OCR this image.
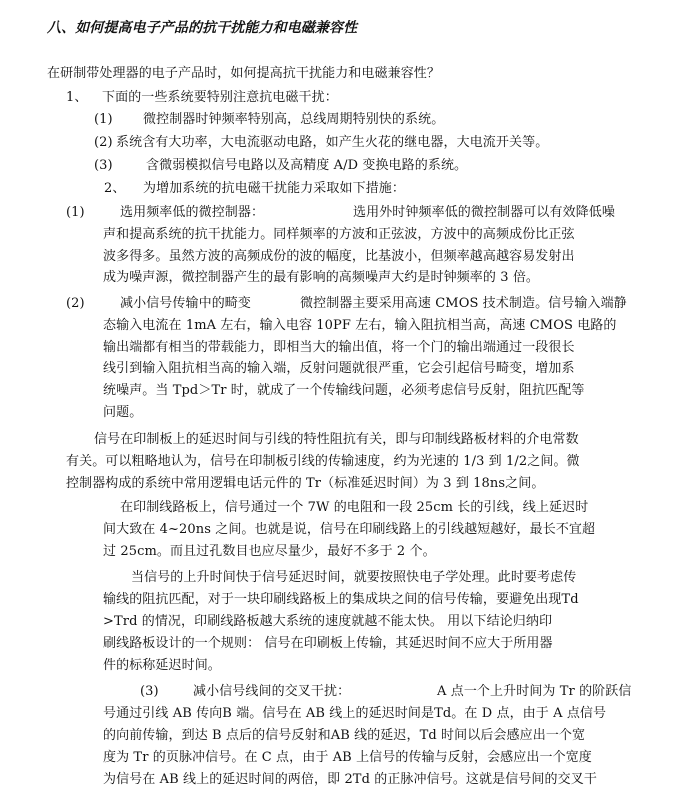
八、如何提高电子产品的抗干扰能力和电磁兼容性
在研制带处理器的电子产品时，如何提高抗干扰能力和电磁兼容性？
1、 下面的一些系统要特别注意抗电磁干扰：
(1) 微控制器时钟频率特别高，总线周期特别快的系统。
(2) 系统含有大功率，大电流驱动电路，如产生火花的继电器，大电流开关等。
(3)	含微弱模拟信号电路以及高精度 A/D 变换电路的系统。
2、 为增加系统的抗电磁干扰能力采取如下措施：
(1)	选用频率低的微控制器：	选用外时钟频率低的微控制器可以有效降低噪
声和提高系统的抗干扰能力。同样频率的方波和正弦波，方波中的高频成份比正弦
波多得多。虽然方波的高频成份的波的幅度，比基波小，但频率越高越容易发射出
成为噪声源，微控制器产生的最有影响的高频噪声大约是时钟频率的 3 倍。
(2)	减小信号传输中的畸变	微控制器主要采用高速 CMOS 技术制造。信号输入端静
态输入电流在 1mA 左右，输入电容 10PF 左右，输入阻抗相当高，高速 CMOS 电路的
输出端都有相当的带载能力，即相当大的输出值，将一个门的输出端通过一段很长
线引到输入阻抗相当高的输入端，反射问题就很严重，它会引起信号畸变，增加系
统噪声。当 Tpd＞Tr 时，就成了一个传输线问题，必须考虑信号反射，阻抗匹配等
问题。
信号在印制板上的延迟时间与引线的特性阻抗有关，即与印制线路板材料的介电常数
有关。可以粗略地认为，信号在印制板引线的传输速度，约为光速的 1/3 到 1/2之间。微
控制器构成的系统中常用逻辑电话元件的 Tr（标准延迟时间）为 3 到 18ns之间。
在印制线路板上，信号通过一个 7W 的电阻和一段 25cm 长的引线，线上延迟时
间大致在 4~20ns 之间。也就是说，信号在印刷线路上的引线越短越好，最长不宜超
过 25cm。而且过孔数目也应尽量少，最好不多于 2 个。
当信号的上升时间快于信号延迟时间，就要按照快电子学处理。此时要考虑传
输线的阻抗匹配，对于一块印刷线路板上的集成块之间的信号传输，要避免出现Td
>Trd 的情况，印刷线路板越大系统的速度就越不能太快。 用以下结论归纳印
刷线路板设计的一个规则： 信号在印刷板上传输，其延迟时间不应大于所用器
件的标称延迟时间。
(3)	减小信号线间的交叉干扰：	A 点一个上升时间为 Tr 的阶跃信
号通过引线 AB 传向B 端。信号在 AB 线上的延迟时间是Td。在 D 点，由于 A 点信号
的向前传输，到达 B 点后的信号反射和AB 线的延迟，Td 时间以后会感应出一个宽
度为 Tr 的页脉冲信号。在 C 点，由于 AB 上信号的传输与反射，会感应出一个宽度
为信号在 AB 线上的延迟时间的两倍，即 2Td 的正脉冲信号。这就是信号间的交叉干
